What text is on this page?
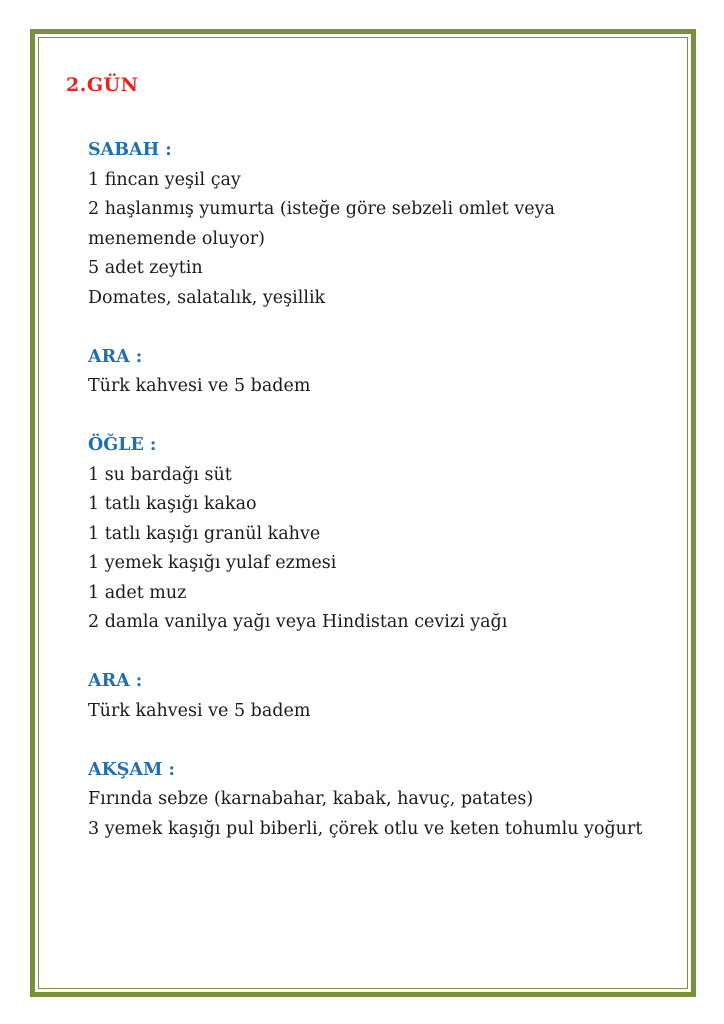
2.GÜN

SABAH :

1 fincan yeşil çay

2 haşlanmış yumurta (isteğe göre sebzeli omlet veya menemende oluyor)

5 adet zeytin

Domates, salatalık, yeşillik

ARA :

Türk kahvesi ve 5 badem

ÖĞLE :

1 su bardağı süt

1 tatlı kaşığı kakao

1 tatlı kaşığı granül kahve

1 yemek kaşığı yulaf ezmesi

1 adet muz

2 damla vanilya yağı veya Hindistan cevizi yağı

ARA :

Türk kahvesi ve 5 badem

AKŞAM :

Fırında sebze (karnabahar, kabak, havuç, patates)

3 yemek kaşığı pul biberli, çörek otlu ve keten tohumlu yoğurt
